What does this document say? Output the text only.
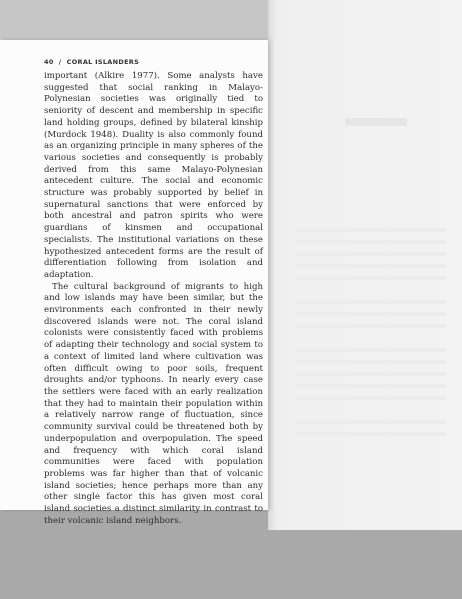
40 / CORAL ISLANDERS

important (Alkire 1977). Some analysts have suggested that social ranking in Malayo-Polynesian societies was originally tied to seniority of descent and membership in specific land holding groups, defined by bilateral kinship (Murdock 1948). Duality is also commonly found as an organizing principle in many spheres of the various societies and consequently is probably derived from this same Malayo-Polynesian antecedent culture. The social and economic structure was probably supported by belief in supernatural sanctions that were enforced by both ancestral and patron spirits who were guardians of kinsmen and occupational specialists. The institutional variations on these hypothesized antecedent forms are the result of differentiation following from isolation and adaptation.

The cultural background of migrants to high and low islands may have been similar, but the environments each confronted in their newly discovered islands were not. The coral island colonists were consistently faced with problems of adapting their technology and social system to a context of limited land where cultivation was often difficult owing to poor soils, frequent droughts and/or typhoons. In nearly every case the settlers were faced with an early realization that they had to maintain their population within a relatively narrow range of fluctuation, since community survival could be threatened both by underpopulation and overpopulation. The speed and frequency with which coral island communities were faced with population problems was far higher than that of volcanic island societies; hence perhaps more than any other single factor this has given most coral island societies a distinct similarity in contrast to their volcanic island neighbors.
